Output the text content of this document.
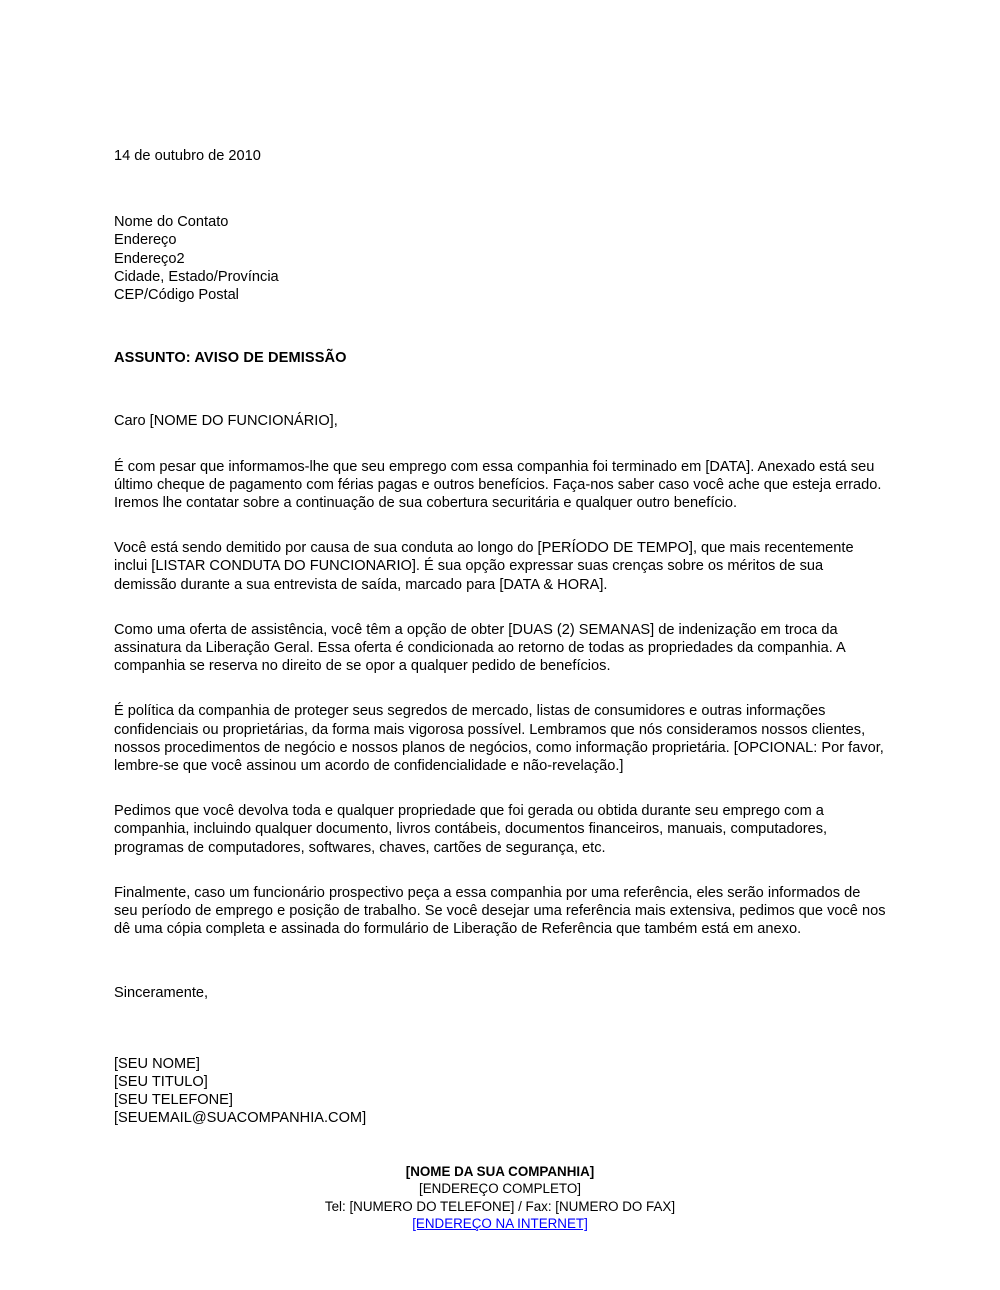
14 de outubro de 2010
Nome do Contato
Endereço
Endereço2
Cidade, Estado/Província
CEP/Código Postal
ASSUNTO: AVISO DE DEMISSÃO
Caro [NOME DO FUNCIONÁRIO],

É com pesar que informamos-lhe que seu emprego com essa companhia foi terminado em [DATA]. Anexado está seu último cheque de pagamento com férias pagas e outros benefícios. Faça-nos saber caso você ache que esteja errado. Iremos lhe contatar sobre a continuação de sua cobertura securitária e qualquer outro benefício.

Você está sendo demitido por causa de sua conduta ao longo do [PERÍODO DE TEMPO], que mais recentemente inclui [LISTAR CONDUTA DO FUNCIONARIO]. É sua opção expressar suas crenças sobre os méritos de sua demissão durante a sua entrevista de saída, marcado para [DATA & HORA].

Como uma oferta de assistência, você têm a opção de obter [DUAS (2) SEMANAS] de indenização em troca da assinatura da Liberação Geral. Essa oferta é condicionada ao retorno de todas as propriedades da companhia. A companhia se reserva no direito de se opor a qualquer pedido de benefícios.

É política da companhia de proteger seus segredos de mercado, listas de consumidores e outras informações confidenciais ou proprietárias, da forma mais vigorosa possível. Lembramos que nós consideramos nossos clientes, nossos procedimentos de negócio e nossos planos de negócios, como informação proprietária. [OPCIONAL: Por favor, lembre-se que você assinou um acordo de confidencialidade e não-revelação.]

Pedimos que você devolva toda e qualquer propriedade que foi gerada ou obtida durante seu emprego com a companhia, incluindo qualquer documento, livros contábeis, documentos financeiros, manuais, computadores, programas de computadores, softwares, chaves, cartões de segurança, etc.

Finalmente, caso um funcionário prospectivo peça a essa companhia por uma referência, eles serão informados de seu período de emprego e posição de trabalho. Se você desejar uma referência mais extensiva, pedimos que você nos dê uma cópia completa e assinada do formulário de Liberação de Referência que também está em anexo.

Sinceramente,
[SEU NOME]
[SEU TITULO]
[SEU TELEFONE]
[SEUEMAIL@SUACOMPANHIA.COM]
[NOME DA SUA COMPANHIA]
[ENDEREÇO COMPLETO]
Tel: [NUMERO DO TELEFONE] / Fax: [NUMERO DO FAX]
[ENDEREÇO NA INTERNET]
